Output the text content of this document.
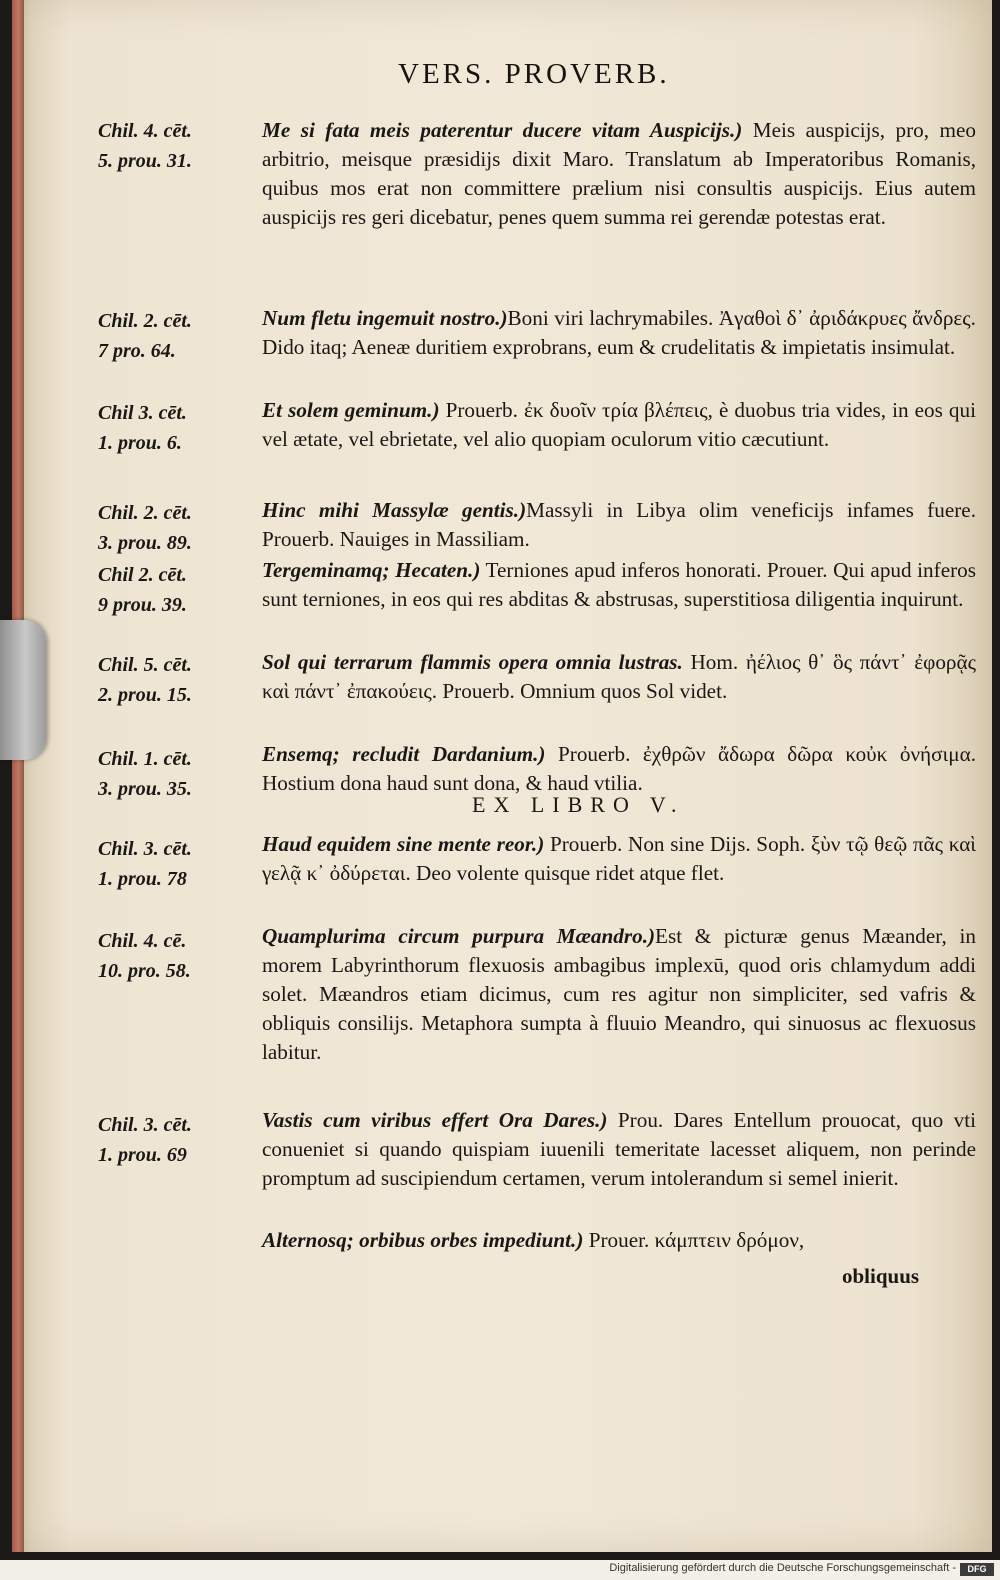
VERS. PROVERB.
Chil. 4. cēt.
5. prou. 31.
Me si fata meis paterentur ducere vitam Auspicijs.) Meis auspicijs, pro, meo arbitrio, meisque præsidijs dixit Maro. Translatum ab Imperatoribus Romanis, quibus mos erat non committere prælium nisi consultis auspicijs. Eius autem auspicijs res geri dicebatur, penes quem summa rei gerendæ potestas erat.
Chil. 2. cēt.
7 pro. 64.
Num fletu ingemuit nostro.)Boni viri lachrymabiles. Ἀγαθοὶ δ᾽ ἀριδάκρυες ἄνδρες. Dido itaq; Aeneæ duritiem exprobrans, eum & crudelitatis & impietatis insimulat.
Chil 3. cēt.
1. prou. 6.
Et solem geminum.) Prouerb. ἐκ δυοῖν τρία βλέπεις, è duobus tria vides, in eos qui vel ætate, vel ebrietate, vel alio quopiam oculorum vitio cæcutiunt.
Chil. 2. cēt.
3. prou. 89.
Hinc mihi Massylæ gentis.)Massyli in Libya olim veneficijs infames fuere. Prouerb. Nauiges in Massiliam.
Chil 2. cēt.
9 prou. 39.
Tergeminamq; Hecaten.) Terniones apud inferos honorati. Prouer. Qui apud inferos sunt terniones, in eos qui res abditas & abstrusas, superstitiosa diligentia inquirunt.
Chil. 5. cēt.
2. prou. 15.
Sol qui terrarum flammis opera omnia lustras. Hom. ἠέλιος θ᾽ ὃς πάντ᾽ ἐφορᾷς καὶ πάντ᾽ ἐπακούεις. Prouerb. Omnium quos Sol videt.
Chil. 1. cēt.
3. prou. 35.
Ensemq; recludit Dardanium.) Prouerb. ἐχθρῶν ἄδωρα δῶρα κοὐκ ὀνήσιμα. Hostium dona haud sunt dona, & haud vtilia.
EX LIBRO V.
Chil. 3. cēt.
1. prou. 78
Haud equidem sine mente reor.) Prouerb. Non sine Dijs. Soph. ξὺν τῷ θεῷ πᾶς καὶ γελᾷ κ᾽ ὀδύρεται. Deo volente quisque ridet atque flet.
Chil. 4. cē.
10. pro. 58.
Quamplurima circum purpura Mæandro.)Est & picturæ genus Mæander, in morem Labyrinthorum flexuosis ambagibus implexū, quod oris chlamydum addi solet. Mæandros etiam dicimus, cum res agitur non simpliciter, sed vafris & obliquis consilijs. Metaphora sumpta à fluuio Meandro, qui sinuosus ac flexuosus labitur.
Chil. 3. cēt.
1. prou. 69
Vastis cum viribus effert Ora Dares.) Prou. Dares Entellum prouocat, quo vti conueniet si quando quispiam iuuenili temeritate lacesset aliquem, non perinde promptum ad suscipiendum certamen, verum intolerandum si semel inierit.
Alternosq; orbibus orbes impediunt.) Prouer. κάμπτειν δρόμον,
obliquus
Digitalisierung gefördert durch die Deutsche Forschungsgemeinschaft -	DFG
